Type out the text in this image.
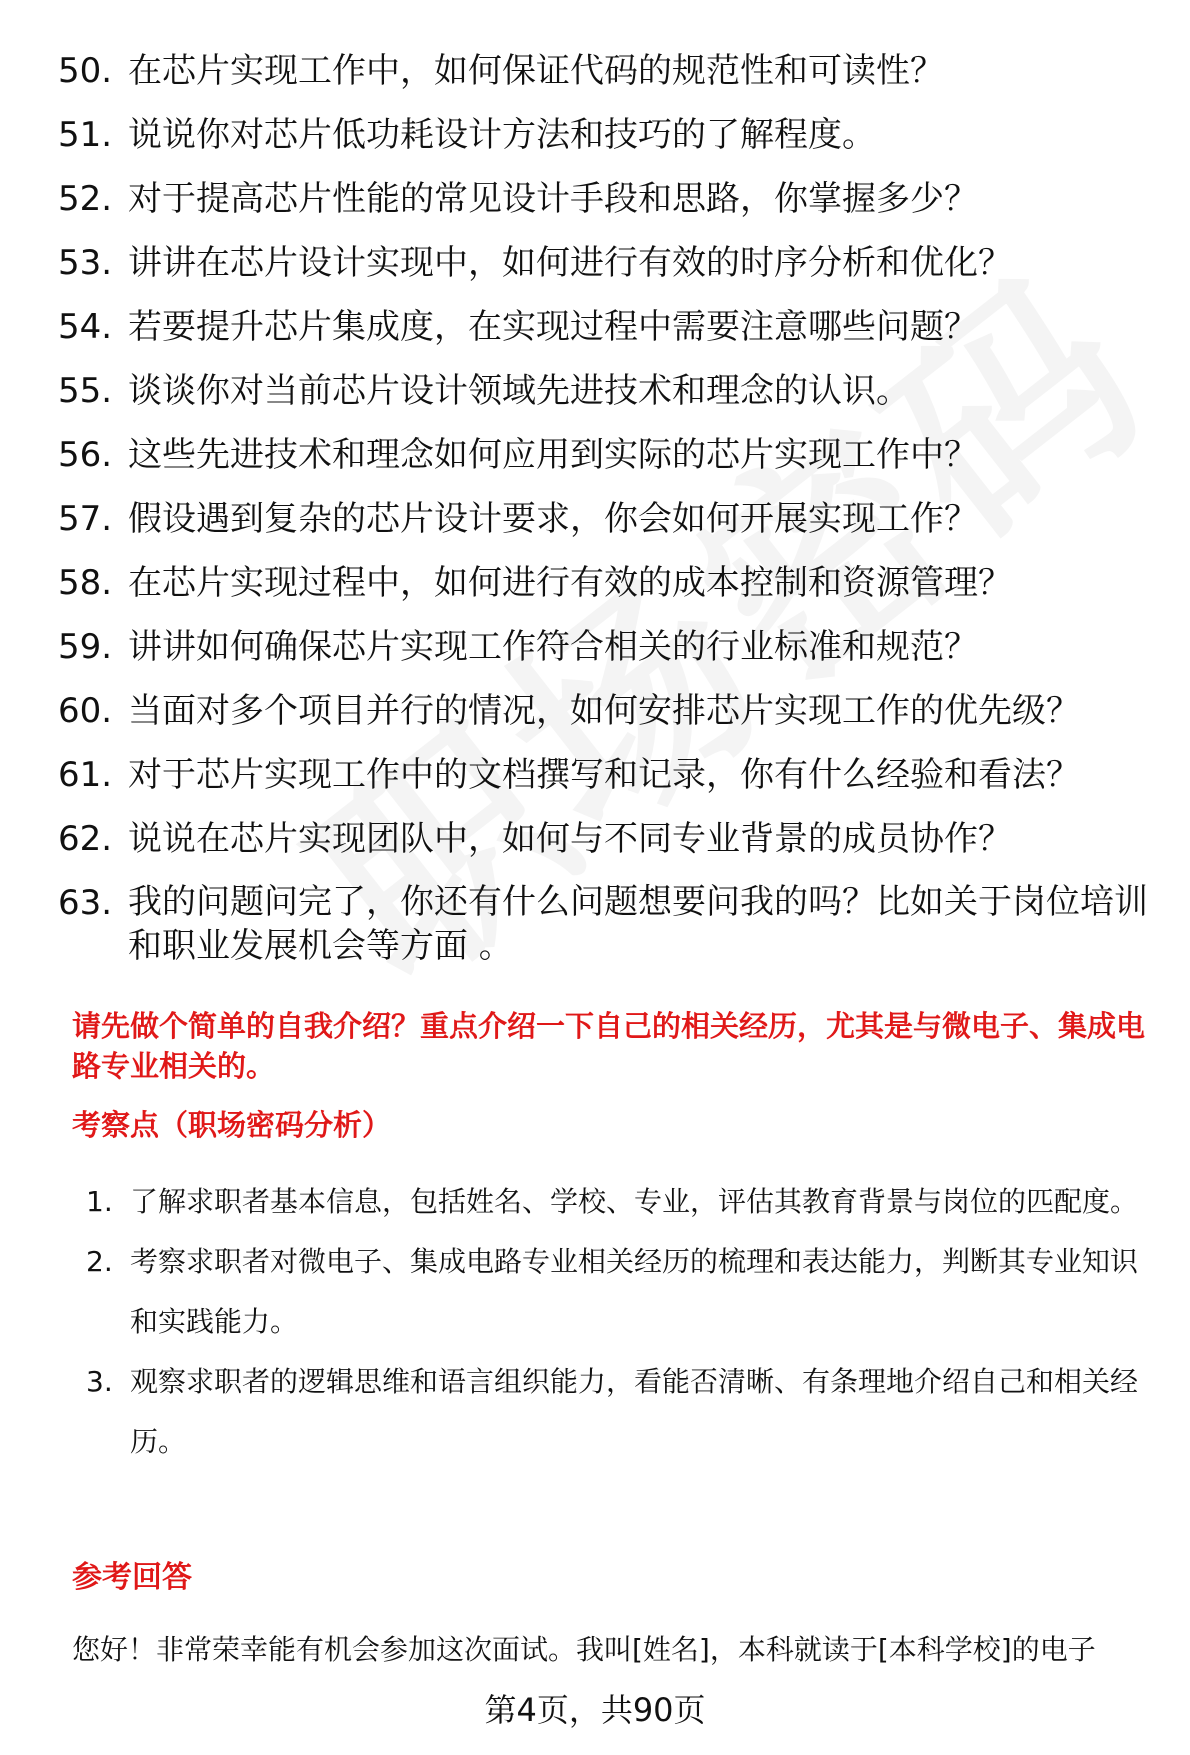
50. 在芯片实现工作中，如何保证代码的规范性和可读性？
51. 说说你对芯片低功耗设计方法和技巧的了解程度。
52. 对于提高芯片性能的常见设计手段和思路，你掌握多少？
53. 讲讲在芯片设计实现中，如何进行有效的时序分析和优化？
54. 若要提升芯片集成度，在实现过程中需要注意哪些问题？
55. 谈谈你对当前芯片设计领域先进技术和理念的认识。
56. 这些先进技术和理念如何应用到实际的芯片实现工作中？
57. 假设遇到复杂的芯片设计要求，你会如何开展实现工作？
58. 在芯片实现过程中，如何进行有效的成本控制和资源管理？
59. 讲讲如何确保芯片实现工作符合相关的行业标准和规范？
60. 当面对多个项目并行的情况，如何安排芯片实现工作的优先级？
61. 对于芯片实现工作中的文档撰写和记录，你有什么经验和看法？
62. 说说在芯片实现团队中，如何与不同专业背景的成员协作？
63. 我的问题问完了，你还有什么问题想要问我的吗？比如关于岗位培训和职业发展机会等方面 。
请先做个简单的自我介绍？重点介绍一下自己的相关经历，尤其是与微电子、集成电路专业相关的。
考察点（职场密码分析）
1. 了解求职者基本信息，包括姓名、学校、专业，评估其教育背景与岗位的匹配度。
2. 考察求职者对微电子、集成电路专业相关经历的梳理和表达能力，判断其专业知识和实践能力。
3. 观察求职者的逻辑思维和语言组织能力，看能否清晰、有条理地介绍自己和相关经历。
参考回答
您好！非常荣幸能有机会参加这次面试。我叫[姓名]，本科就读于[本科学校]的电子
第4页，共90页
